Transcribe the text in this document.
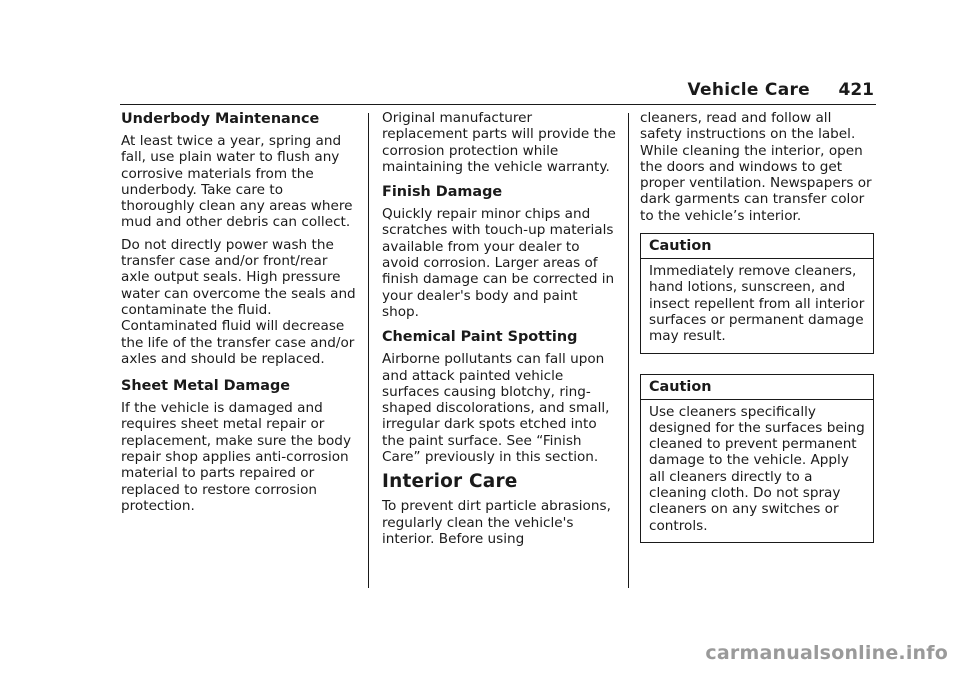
Vehicle Care 421
Underbody Maintenance

At least twice a year, spring and fall, use plain water to flush any corrosive materials from the underbody. Take care to thoroughly clean any areas where mud and other debris can collect.

Do not directly power wash the transfer case and/or front/rear axle output seals. High pressure water can overcome the seals and contaminate the fluid. Contaminated fluid will decrease the life of the transfer case and/or axles and should be replaced.

Sheet Metal Damage

If the vehicle is damaged and requires sheet metal repair or replacement, make sure the body repair shop applies anti-corrosion material to parts repaired or replaced to restore corrosion protection.

Original manufacturer replacement parts will provide the corrosion protection while maintaining the vehicle warranty.

Finish Damage

Quickly repair minor chips and scratches with touch-up materials available from your dealer to avoid corrosion. Larger areas of finish damage can be corrected in your dealer's body and paint shop.

Chemical Paint Spotting

Airborne pollutants can fall upon and attack painted vehicle surfaces causing blotchy, ring-shaped discolorations, and small, irregular dark spots etched into the paint surface. See “Finish Care” previously in this section.

Interior Care

To prevent dirt particle abrasions, regularly clean the vehicle's interior. Before using

cleaners, read and follow all safety instructions on the label. While cleaning the interior, open the doors and windows to get proper ventilation. Newspapers or dark garments can transfer color to the vehicle’s interior.

Caution
Immediately remove cleaners, hand lotions, sunscreen, and insect repellent from all interior surfaces or permanent damage may result.
Caution
Use cleaners specifically designed for the surfaces being cleaned to prevent permanent damage to the vehicle. Apply all cleaners directly to a cleaning cloth. Do not spray cleaners on any switches or controls.
carmanualsonline.info
